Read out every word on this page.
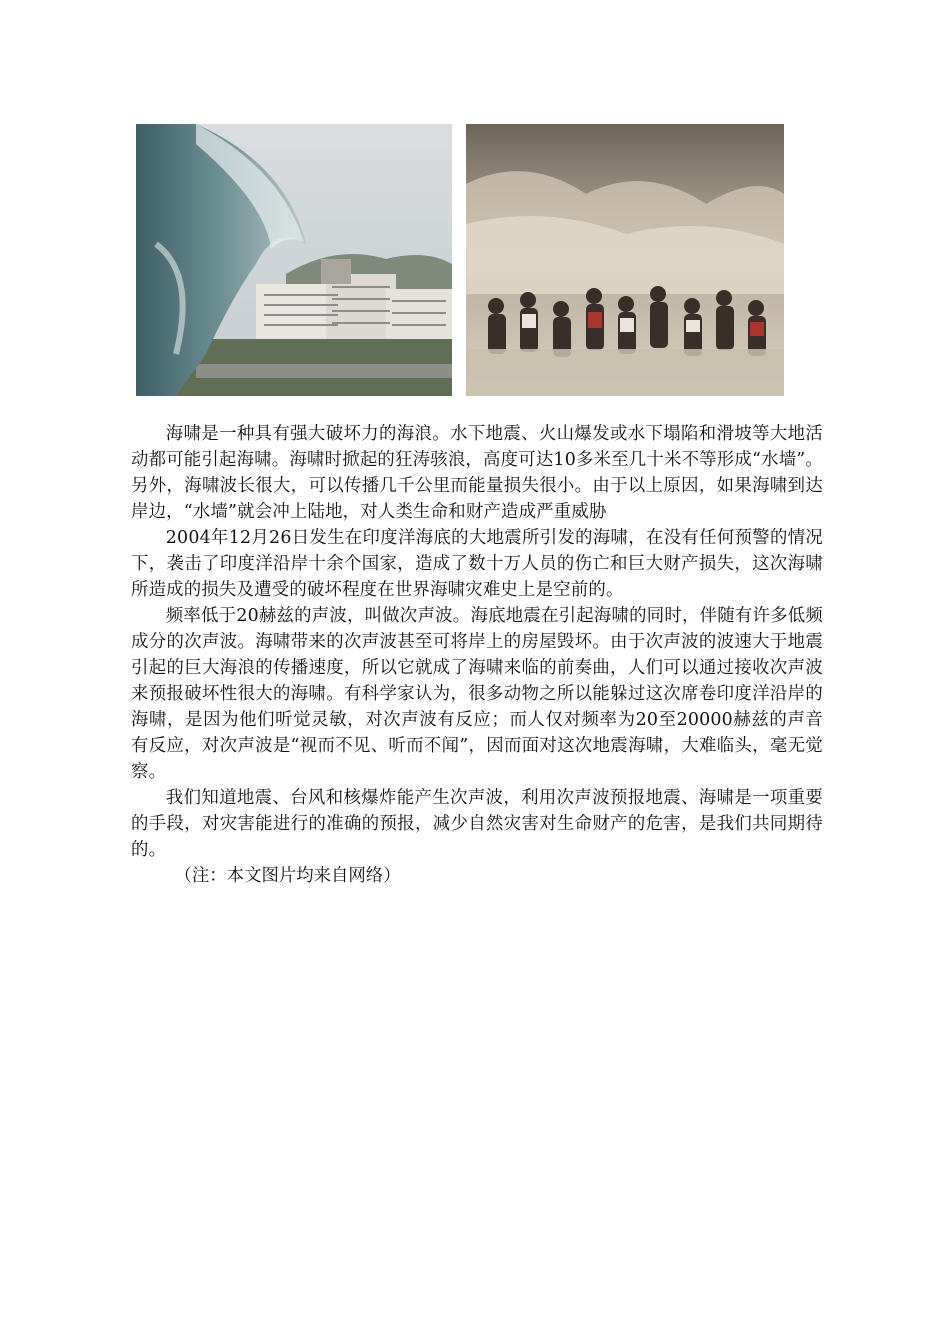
海啸是一种具有强大破坏力的海浪。水下地震、火山爆发或水下塌陷和滑坡等大地活动都可能引起海啸。海啸时掀起的狂涛骇浪，高度可达10多米至几十米不等形成“水墙”。另外，海啸波长很大，可以传播几千公里而能量损失很小。由于以上原因，如果海啸到达岸边，“水墙”就会冲上陆地，对人类生命和财产造成严重威胁

2004年12月26日发生在印度洋海底的大地震所引发的海啸，在没有任何预警的情况下，袭击了印度洋沿岸十余个国家，造成了数十万人员的伤亡和巨大财产损失，这次海啸所造成的损失及遭受的破坏程度在世界海啸灾难史上是空前的。

频率低于20赫兹的声波，叫做次声波。海底地震在引起海啸的同时，伴随有许多低频成分的次声波。海啸带来的次声波甚至可将岸上的房屋毁坏。由于次声波的波速大于地震引起的巨大海浪的传播速度，所以它就成了海啸来临的前奏曲，人们可以通过接收次声波来预报破坏性很大的海啸。有科学家认为，很多动物之所以能躲过这次席卷印度洋沿岸的海啸，是因为他们听觉灵敏，对次声波有反应；而人仅对频率为20至20000赫兹的声音有反应，对次声波是“视而不见、听而不闻”，因而面对这次地震海啸，大难临头，毫无觉察。

我们知道地震、台风和核爆炸能产生次声波，利用次声波预报地震、海啸是一项重要的手段，对灾害能进行的准确的预报，减少自然灾害对生命财产的危害，是我们共同期待的。

（注：本文图片均来自网络）
